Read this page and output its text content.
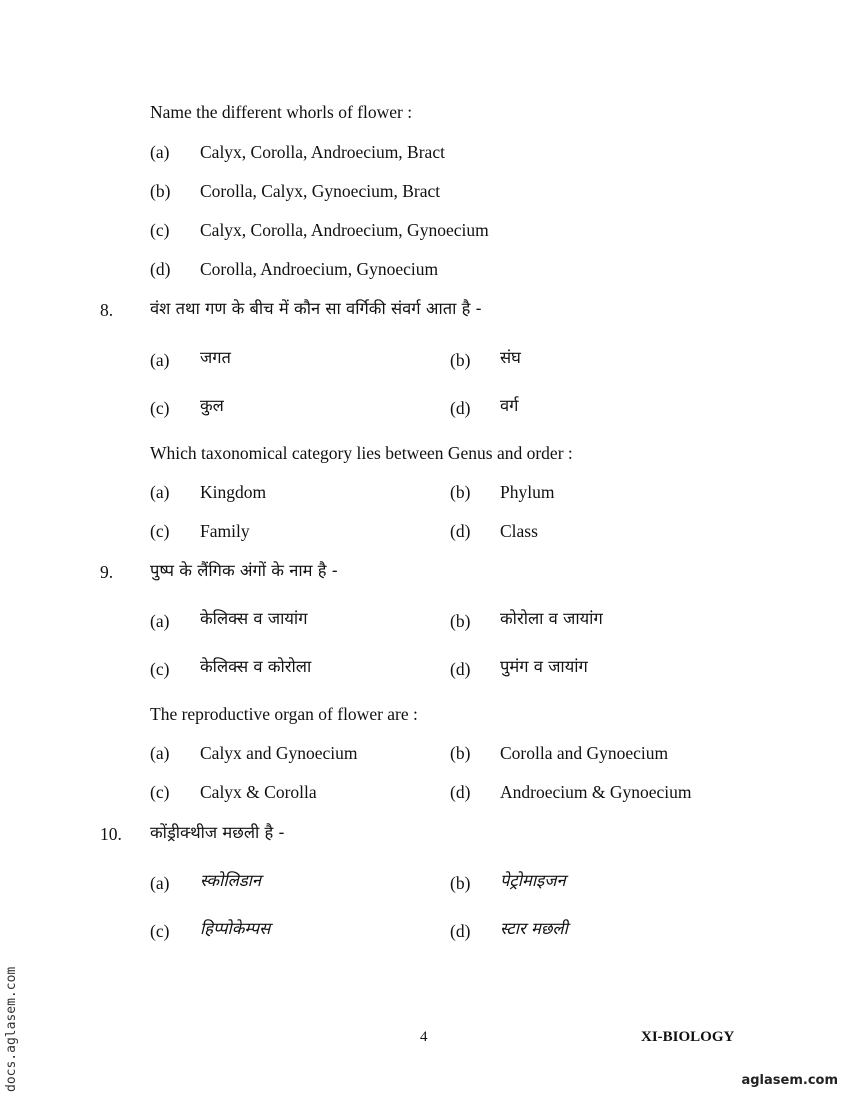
Name the different whorls of flower :
(a) Calyx, Corolla, Androecium, Bract
(b) Corolla, Calyx, Gynoecium, Bract
(c) Calyx, Corolla, Androecium, Gynoecium
(d) Corolla, Androecium, Gynoecium
8. वंश तथा गण के बीच में कौन सा वर्गिकी संवर्ग आता है -
(a) जगत	(b) संघ
(c) कुल	(d) वर्ग
Which taxonomical category lies between Genus and order :
(a) Kingdom	(b) Phylum
(c) Family	(d) Class
9. पुष्प के लैंगिक अंगों के नाम है -
(a) केलिक्स व जायांग	(b) कोरोला व जायांग
(c) केलिक्स व कोरोला	(d) पुमंग व जायांग
The reproductive organ of flower are :
(a) Calyx and Gynoecium	(b) Corolla and Gynoecium
(c) Calyx & Corolla	(d) Androecium & Gynoecium
10. कोंड्रीक्थीज मछली है -
(a) स्कोलिडान	(b) पेट्रोमाइजन
(c) हिप्पोकेम्पस	(d) स्टार मछली
4	XI-BIOLOGY
docs.aglasem.com	aglasem.com
